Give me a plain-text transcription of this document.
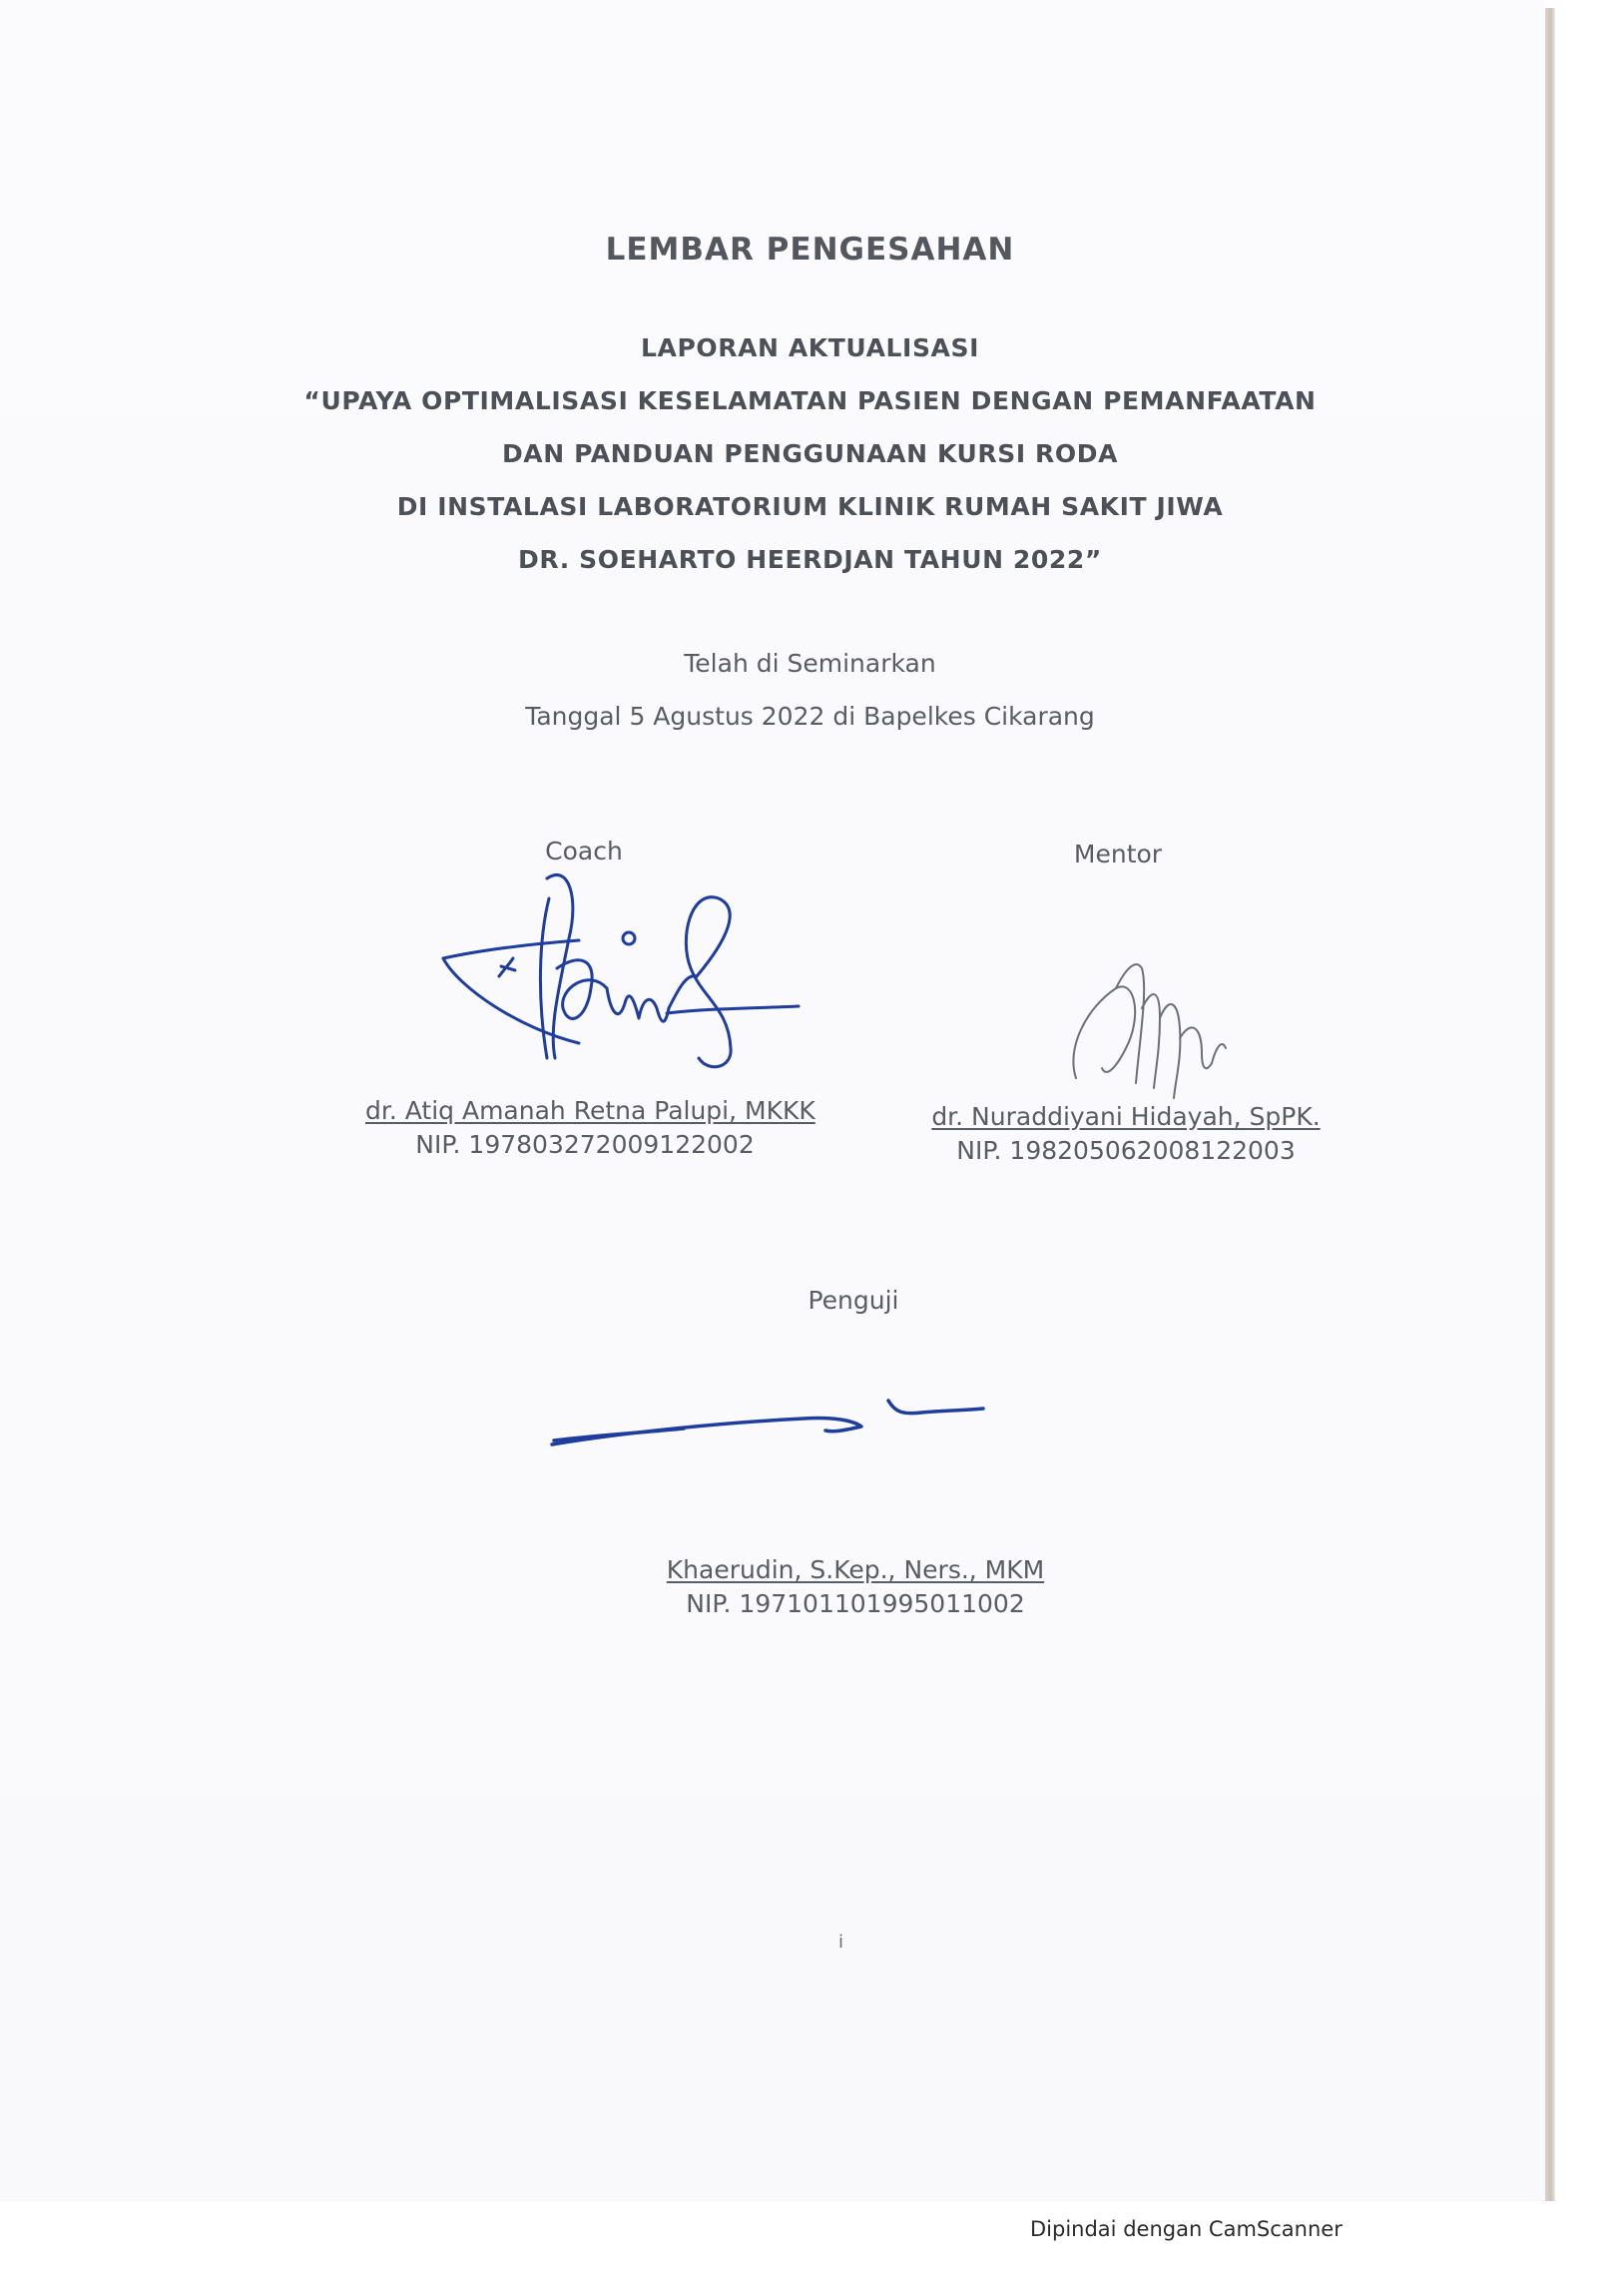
LEMBAR PENGESAHAN
LAPORAN AKTUALISASI
“UPAYA OPTIMALISASI KESELAMATAN PASIEN DENGAN PEMANFAATAN
DAN PANDUAN PENGGUNAAN KURSI RODA
DI INSTALASI LABORATORIUM KLINIK RUMAH SAKIT JIWA
DR. SOEHARTO HEERDJAN TAHUN 2022”
Telah di Seminarkan
Tanggal 5 Agustus 2022 di Bapelkes Cikarang
Coach
dr. Atiq Amanah Retna Palupi, MKKK
NIP. 197803272009122002
Mentor
dr. Nuraddiyani Hidayah, SpPK.
NIP. 198205062008122003
Penguji
Khaerudin, S.Kep., Ners., MKM
NIP. 197101101995011002
i
Dipindai dengan CamScanner
